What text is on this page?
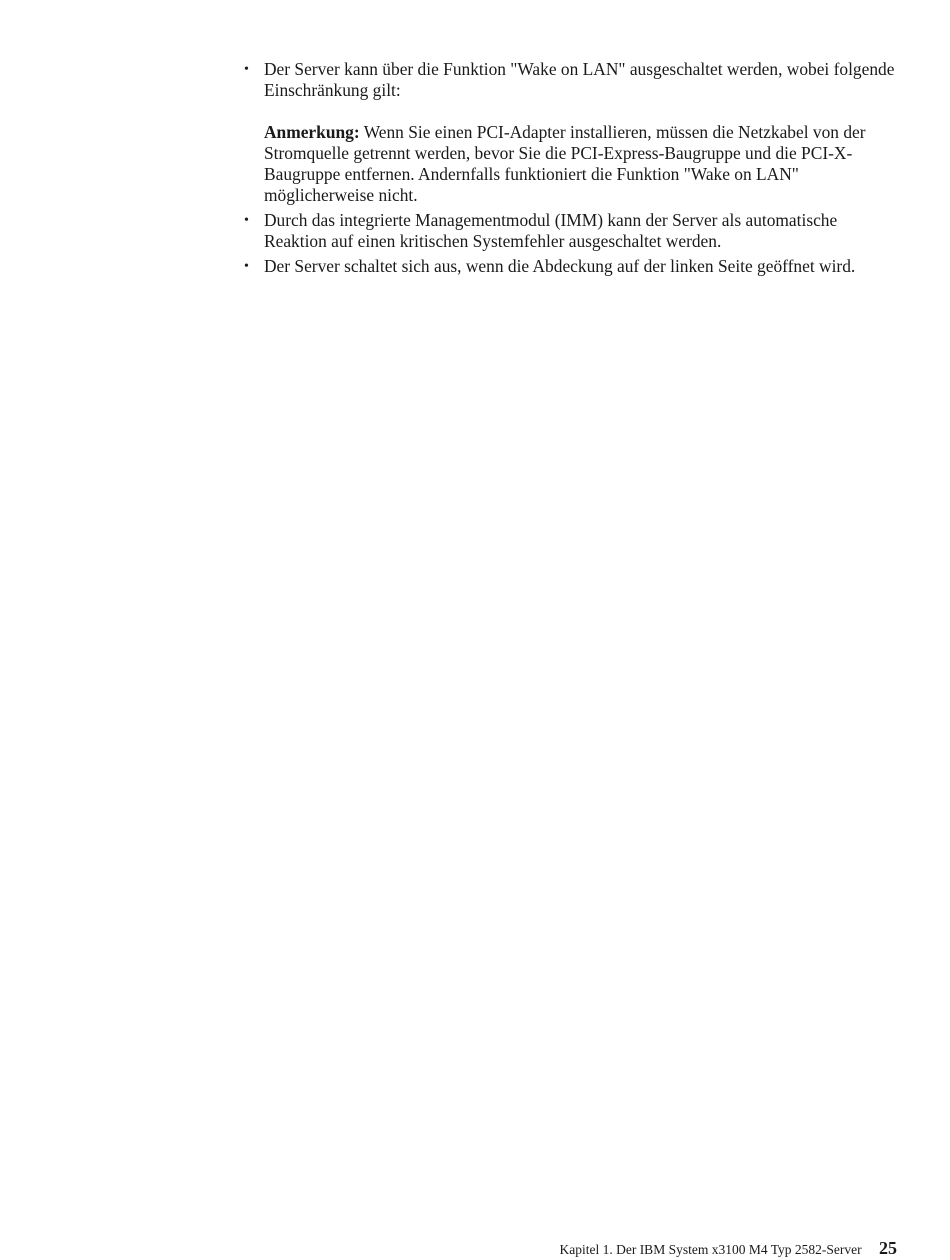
• Der Server kann über die Funktion "Wake on LAN" ausgeschaltet werden, wobei folgende Einschränkung gilt:
Anmerkung: Wenn Sie einen PCI-Adapter installieren, müssen die Netzkabel von der Stromquelle getrennt werden, bevor Sie die PCI-Express-Baugruppe und die PCI-X-Baugruppe entfernen. Andernfalls funktioniert die Funktion "Wake on LAN" möglicherweise nicht.
• Durch das integrierte Managementmodul (IMM) kann der Server als automatische Reaktion auf einen kritischen Systemfehler ausgeschaltet werden.
• Der Server schaltet sich aus, wenn die Abdeckung auf der linken Seite geöffnet wird.
Kapitel 1. Der IBM System x3100 M4 Typ 2582-Server 25
